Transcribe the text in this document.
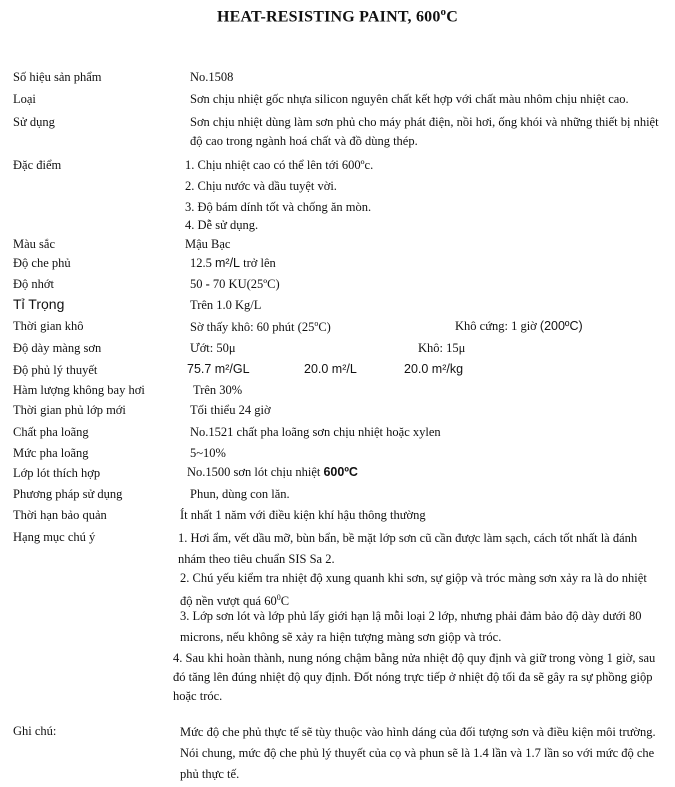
HEAT-RESISTING PAINT, 600$^o$C
Số hiệu sản phẩm	No.1508
Loại	Sơn chịu nhiệt gốc nhựa silicon nguyên chất kết hợp với chất màu nhôm chịu nhiệt cao.
Sử dụng	Sơn chịu nhiệt dùng làm sơn phủ cho máy phát điện, nồi hơi, ống khói và những thiết bị nhiệt độ cao trong ngành hoá chất và đồ dùng thép.
Đặc điểm	1. Chịu nhiệt cao có thể lên tới 600ºc.
2. Chịu nước và dầu tuyệt vời.
3. Độ bám dính tốt và chống ăn mòn.
4. Dễ sử dụng.
Màu sắc	Mậu Bạc
Độ che phủ	12.5 m²/L trở lên
Độ nhớt	50 - 70 KU(25ºC)
Tỉ Trọng	Trên 1.0 Kg/L
Thời gian khô	Sờ thấy khô: 60 phút (25$^o$C)	Khô cứng: 1 giờ (200ºC)
Độ dày màng sơn	Ướt: 50μ	Khô: 15μ
Độ phủ lý thuyết	75.7 m²/GL	20.0 m²/L	20.0 m²/kg
Hàm lượng không bay hơi	Trên 30%
Thời gian phủ lớp mới	Tối thiểu 24 giờ
Chất pha loãng	No.1521 chất pha loãng sơn chịu nhiệt hoặc xylen
Mức pha loãng	5~10%
Lớp lót thích hợp	No.1500 sơn lót chịu nhiệt 600ºC
Phương pháp sử dụng	Phun, dùng con lăn.
Thời hạn bảo quản	Ít nhất 1 năm với điều kiện khí hậu thông thường
Hạng mục chú ý	1. Hơi ẩm, vết dầu mỡ, bùn bẩn, bề mặt lớp sơn cũ cần được làm sạch, cách tốt nhất là đánh nhám theo tiêu chuẩn SIS Sa 2.
2. Chú yếu kiểm tra nhiệt độ xung quanh khi sơn, sự giộp và tróc màng sơn xảy ra là do nhiệt độ nền vượt quá $60^0C$
3. Lớp sơn lót và lớp phủ lấy giới hạn lậ mỗi loại 2 lớp, nhưng phải đảm bảo độ dày dưới 80 microns, nếu không sẽ xảy ra hiện tượng màng sơn giộp và tróc.
4. Sau khi hoàn thành, nung nóng chậm bằng nửa nhiệt độ quy định và giữ trong vòng 1 giờ, sau đó tăng lên đúng nhiệt độ quy định. Đốt nóng trực tiếp ở nhiệt độ tối đa sẽ gây ra sự phồng giộp hoặc tróc.
Ghi chú:	Mức độ che phủ thực tế sẽ tùy thuộc vào hình dáng của đối tượng sơn và điều kiện môi trường. Nói chung, mức độ che phủ lý thuyết của cọ và phun sẽ là 1.4 lần và 1.7 lần so với mức độ che phủ thực tế.
